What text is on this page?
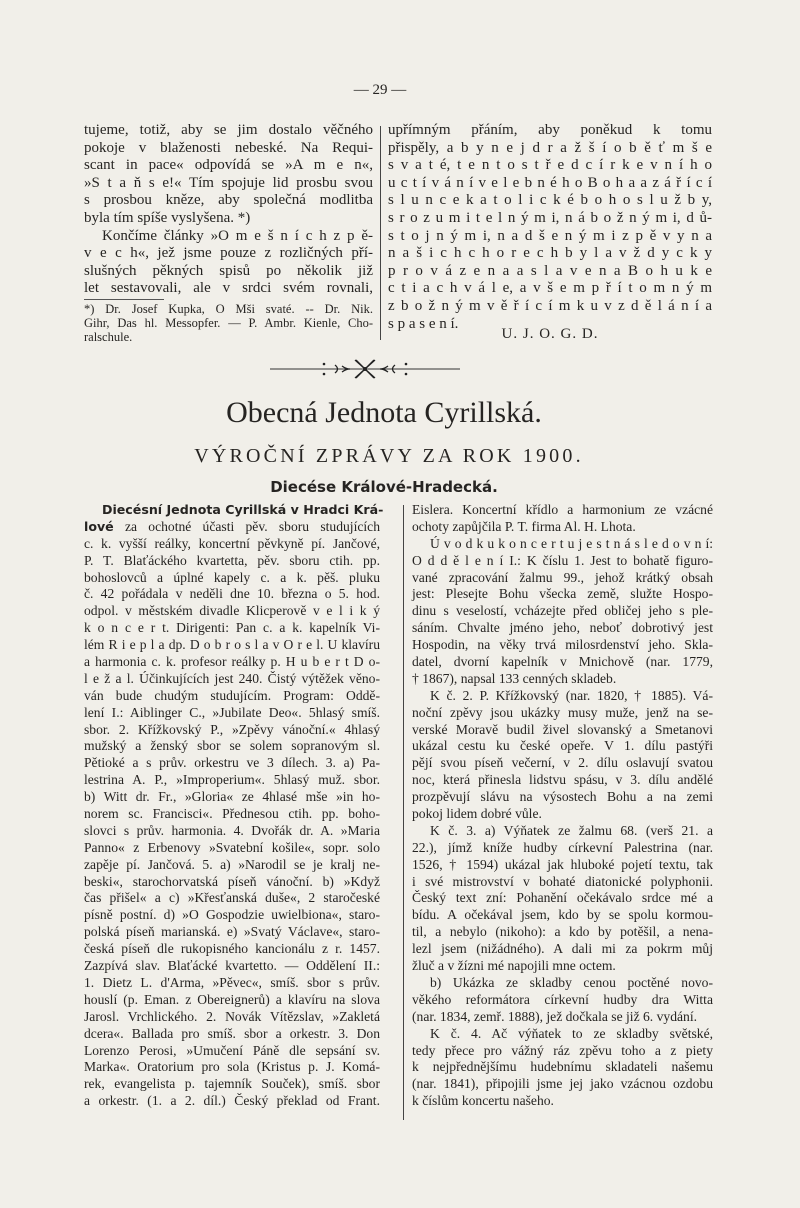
— 29 —
tujeme, totiž, aby se jim dostalo věčného
pokoje v blaženosti nebeské. Na Requi-
scant in pace« odpovídá se »A m e n«,
»S t a ň s e!« Tím spojuje lid prosbu svou
s prosbou kněze, aby společná modlitba
byla tím spíše vyslyšena. *)
Končíme články »O m e š n í c h z p ě-
v e c h«, jež jsme pouze z rozličných pří-
slušných pěkných spisů po několik již
let sestavovali, ale v srdci svém rovnali,
*) Dr. Josef Kupka, O Mši svaté. -- Dr. Nik.
Gihr, Das hl. Messopfer. — P. Ambr. Kienle, Cho-
ralschule.
upřímným přáním, aby poněkud k tomu
přispěly, a b y n e j d r a ž š í o b ě ť m š e
s v a t é, t e n t o s t ř e d c í r k e v n í h o
u c t í v á n í v e l e b n é h o B o h a a z á ř í c í
s l u n c e k a t o l i c k é b o h o s l u ž b y,
s r o z u m i t e l n ý m i, n á b o ž n ý m i, d ů-
s t o j n ý m i, n a d š e n ý m i z p ě v y n a
n a š i c h c h o r e c h b y l a v ž d y c k y
p r o v á z e n a a s l a v e n a B o h u k e
c t i a c h v á l e, a v š e m p ř í t o m n ý m
z b o ž n ý m v ě ř í c í m k u v z d ě l á n í a
s p a s e n í.
U. J. O. G. D.
Obecná Jednota Cyrillská.
VÝROČNÍ ZPRÁVY ZA ROK 1900.
Diecése Králové-Hradecká.
Diecésní Jednota Cyrillská v Hradci Krá-
lové za ochotné účasti pěv. sboru studujících
c. k. vyšší reálky, koncertní pěvkyně pí. Jančové,
P. T. Blaťáckého kvartetta, pěv. sboru ctih. pp.
bohoslovců a úplné kapely c. a k. pěš. pluku
č. 42 pořádala v neděli dne 10. března o 5. hod.
odpol. v městském divadle Klicperově v e l i k ý
k o n c e r t. Dirigenti: Pan c. a k. kapelník Vi-
lém R i e p l a dp. D o b r o s l a v O r e l. U klavíru
a harmonia c. k. profesor reálky p. H u b e r t D o-
l e ž a l. Účinkujících jest 240. Čistý výtěžek věno-
ván bude chudým studujícím. Program: Oddě-
lení I.: Aiblinger C., »Jubilate Deo«. 5hlasý smíš.
sbor. 2. Křížkovský P., »Zpěvy vánoční.« 4hlasý
mužský a ženský sbor se solem sopranovým sl.
Pětioké a s prův. orkestru ve 3 dílech. 3. a) Pa-
lestrina A. P., »Improperium«. 5hlasý muž. sbor.
b) Witt dr. Fr., »Gloria« ze 4hlasé mše »in ho-
norem sc. Francisci«. Přednesou ctih. pp. boho-
slovci s prův. harmonia. 4. Dvořák dr. A. »Maria
Panno« z Erbenovy »Svatební košile«, sopr. solo
zapěje pí. Jančová. 5. a) »Narodil se je kralj ne-
beski«, starochorvatská píseň vánoční. b) »Když
čas přišel« a c) »Křesťanská duše«, 2 staročeské
písně postní. d) »O Gospodzie uwielbiona«, staro-
polská píseň marianská. e) »Svatý Václave«, staro-
česká píseň dle rukopisného kancionálu z r. 1457.
Zazpívá slav. Blaťácké kvartetto. — Oddělení II.:
1. Dietz L. d'Arma, »Pěvec«, smíš. sbor s prův.
houslí (p. Eman. z Obereignerů) a klavíru na slova
Jarosl. Vrchlického. 2. Novák Vítězslav, »Zakletá
dcera«. Ballada pro smíš. sbor a orkestr. 3. Don
Lorenzo Perosi, »Umučení Páně dle sepsání sv.
Marka«. Oratorium pro sola (Kristus p. J. Komá-
rek, evangelista p. tajemník Souček), smíš. sbor
a orkestr. (1. a 2. díl.) Český překlad od Frant.
Eislera. Koncertní křídlo a harmonium ze vzácné
ochoty zapůjčila P. T. firma Al. H. Lhota.
Ú v o d k u k o n c e r t u j e s t n á s l e d o v n í:
O d d ě l e n í I.: K číslu 1. Jest to bohatě figuro-
vané zpracování žalmu 99., jehož krátký obsah
jest: Plesejte Bohu všecka země, služte Hospo-
dinu s veselostí, vcházejte před obličej jeho s ple-
sáním. Chvalte jméno jeho, neboť dobrotivý jest
Hospodin, na věky trvá milosrdenství jeho. Skla-
datel, dvorní kapelník v Mnichově (nar. 1779,
† 1867), napsal 133 cenných skladeb.
K č. 2. P. Křížkovský (nar. 1820, † 1885). Vá-
noční zpěvy jsou ukázky musy muže, jenž na se-
verské Moravě budil živel slovanský a Smetanovi
ukázal cestu ku české opeře. V 1. dílu pastýři
pějí svou píseň večerní, v 2. dílu oslavují svatou
noc, která přinesla lidstvu spásu, v 3. dílu andělé
prozpěvují slávu na výsostech Bohu a na zemi
pokoj lidem dobré vůle.
K č. 3. a) Výňatek ze žalmu 68. (verš 21. a
22.), jímž kníže hudby církevní Palestrina (nar.
1526, † 1594) ukázal jak hluboké pojetí textu, tak
i své mistrovství v bohaté diatonické polyphonii.
Český text zní: Pohanění očekávalo srdce mé a
bídu. A očekával jsem, kdo by se spolu kormou-
til, a nebylo (nikoho): a kdo by potěšil, a nena-
lezl jsem (nižádného). A dali mi za pokrm můj
žluč a v žízni mé napojili mne octem.
b) Ukázka ze skladby cenou poctěné novo-
věkého reformátora církevní hudby dra Witta
(nar. 1834, zemř. 1888), jež dočkala se již 6. vydání.
K č. 4. Ač výňatek to ze skladby světské,
tedy přece pro vážný ráz zpěvu toho a z piety
k nejpřednějšímu hudebnímu skladateli našemu
(nar. 1841), připojili jsme jej jako vzácnou ozdobu
k číslům koncertu našeho.
